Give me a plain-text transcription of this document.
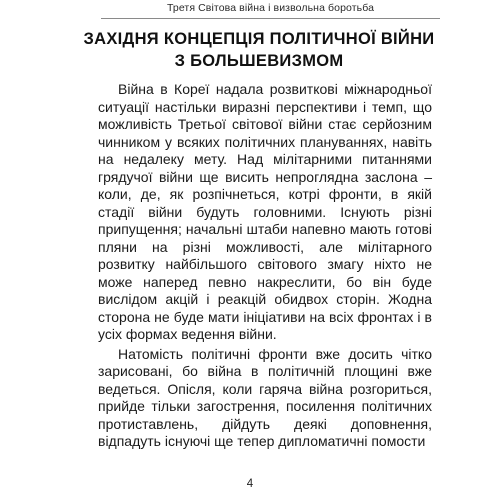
Третя Світова війна і визвольна боротьба
ЗАХІДНЯ КОНЦЕПЦІЯ ПОЛІТИЧНОЇ ВІЙНИ
З БОЛЬШЕВИЗМОМ

Війна в Кореї надала розвиткові міжнародньої ситуації настільки виразні перспективи і темп, що можливість Третьої світової війни стає серйозним чинником у всяких політичних плануваннях, навіть на недалеку мету. Над мілітарними питаннями грядучої війни ще висить непроглядна заслона – коли, де, як розпічнеться, котрі фронти, в якій стадії війни будуть головними. Існують різні припущення; начальні штаби напевно мають готові пляни на різні можливості, але мілітарного розвитку найбільшого світового змагу ніхто не може наперед певно накреслити, бо він буде вислідом акцій і реакцій обидвох сторін. Жодна сторона не буде мати ініціативи на всіх фронтах і в усіх формах ведення війни.

Натомість політичні фронти вже досить чітко зарисовані, бо війна в політичній площині вже ведеться. Опісля, коли гаряча війна розгориться, прийде тільки загострення, посилення політичних протиставлень, дійдуть деякі доповнення, відпадуть існуючі ще тепер дипломатичні помости

4
